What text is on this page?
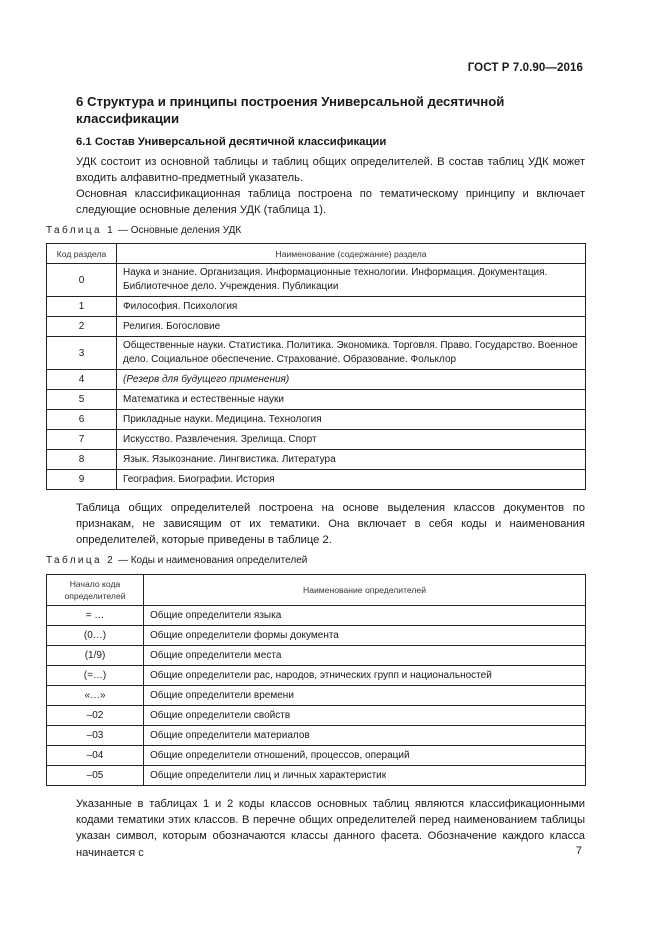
ГОСТ Р 7.0.90—2016
6 Структура и принципы построения Универсальной десятичной классификации
6.1 Состав Универсальной десятичной классификации
УДК состоит из основной таблицы и таблиц общих определителей. В состав таблиц УДК может входить алфавитно-предметный указатель.
Основная классификационная таблица построена по тематическому принципу и включает следующие основные деления УДК (таблица 1).
Таблица 1 — Основные деления УДК
Код раздела	Наименование (содержание) раздела
0	Наука и знание. Организация. Информационные технологии. Информация. Документация. Библиотечное дело. Учреждения. Публикации
1	Философия. Психология
2	Религия. Богословие
3	Общественные науки. Статистика. Политика. Экономика. Торговля. Право. Государство. Военное дело. Социальное обеспечение. Страхование. Образование. Фольклор
4	(Резерв для будущего применения)
5	Математика и естественные науки
6	Прикладные науки. Медицина. Технология
7	Искусство. Развлечения. Зрелища. Спорт
8	Язык. Языкознание. Лингвистика. Литература
9	География. Биографии. История
Таблица общих определителей построена на основе выделения классов документов по признакам, не зависящим от их тематики. Она включает в себя коды и наименования определителей, которые приведены в таблице 2.
Таблица 2 — Коды и наименования определителей
Начало кода определителей	Наименование определителей
= …	Общие определители языка
(0…)	Общие определители формы документа
(1/9)	Общие определители места
(=…)	Общие определители рас, народов, этнических групп и национальностей
«…»	Общие определители времени
–02	Общие определители свойств
–03	Общие определители материалов
–04	Общие определители отношений, процессов, операций
–05	Общие определители лиц и личных характеристик
Указанные в таблицах 1 и 2 коды классов основных таблиц являются классификационными кодами тематики этих классов. В перечне общих определителей перед наименованием таблицы указан символ, которым обозначаются классы данного фасета. Обозначение каждого класса начинается с	7
